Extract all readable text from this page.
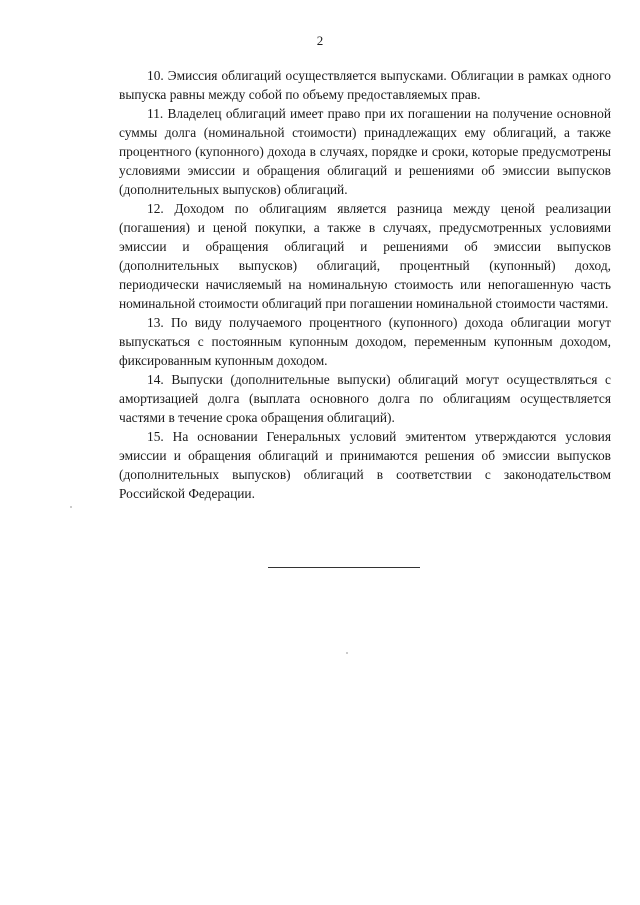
2

10. Эмиссия облигаций осуществляется выпусками. Облигации в рамках одного выпуска равны между собой по объему предоставляемых прав.

11. Владелец облигаций имеет право при их погашении на получение основной суммы долга (номинальной стоимости) принадлежащих ему облигаций, а также процентного (купонного) дохода в случаях, порядке и сроки, которые предусмотрены условиями эмиссии и обращения облигаций и решениями об эмиссии выпусков (дополнительных выпусков) облигаций.

12. Доходом по облигациям является разница между ценой реализации (погашения) и ценой покупки, а также в случаях, предусмотренных условиями эмиссии и обращения облигаций и решениями об эмиссии выпусков (дополнительных выпусков) облигаций, процентный (купонный) доход, периодически начисляемый на номинальную стоимость или непогашенную часть номинальной стоимости облигаций при погашении номинальной стоимости частями.

13. По виду получаемого процентного (купонного) дохода облигации могут выпускаться с постоянным купонным доходом, переменным купонным доходом, фиксированным купонным доходом.

14. Выпуски (дополнительные выпуски) облигаций могут осуществляться с амортизацией долга (выплата основного долга по облигациям осуществляется частями в течение срока обращения облигаций).

15. На основании Генеральных условий эмитентом утверждаются условия эмиссии и обращения облигаций и принимаются решения об эмиссии выпусков (дополнительных выпусков) облигаций в соответствии с законодательством Российской Федерации.
